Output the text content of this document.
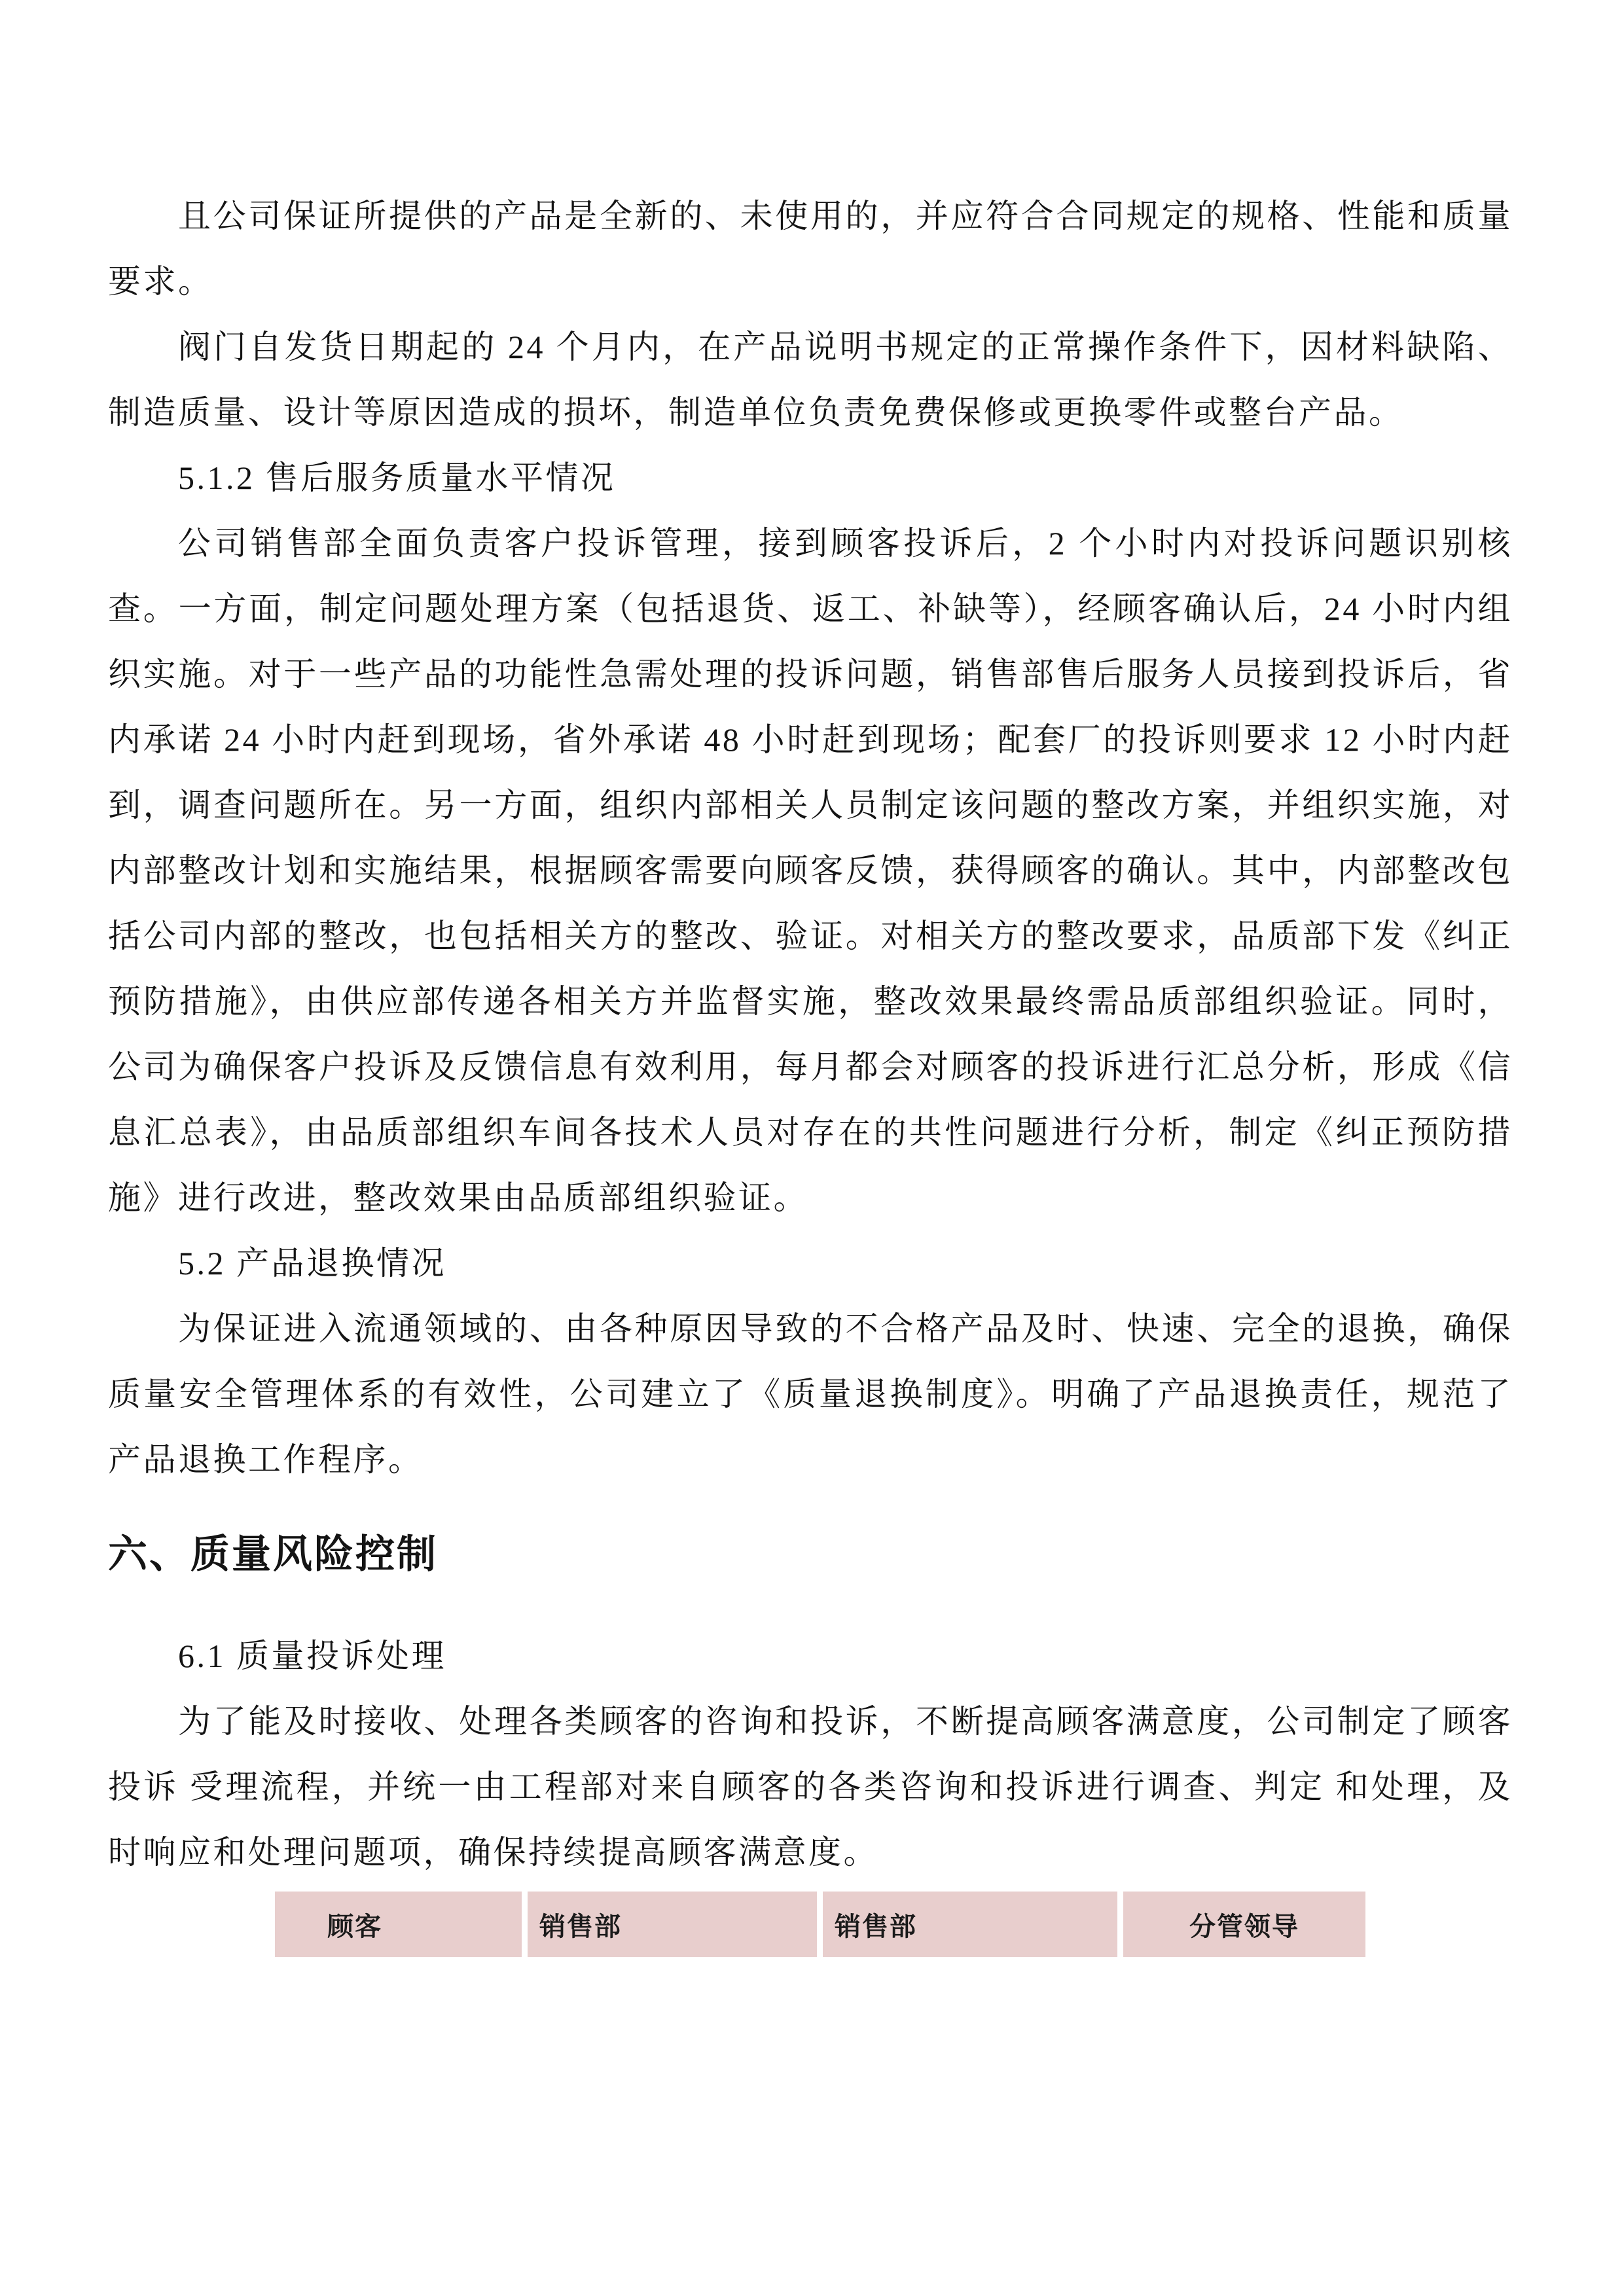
且公司保证所提供的产品是全新的、未使用的，并应符合合同规定的规格、性能和质量要求。

阀门自发货日期起的 24 个月内，在产品说明书规定的正常操作条件下，因材料缺陷、制造质量、设计等原因造成的损坏，制造单位负责免费保修或更换零件或整台产品。

5.1.2 售后服务质量水平情况

公司销售部全面负责客户投诉管理，接到顾客投诉后，2 个小时内对投诉问题识别核查。一方面，制定问题处理方案（包括退货、返工、补缺等），经顾客确认后，24 小时内组织实施。对于一些产品的功能性急需处理的投诉问题，销售部售后服务人员接到投诉后，省内承诺 24 小时内赶到现场，省外承诺 48 小时赶到现场；配套厂的投诉则要求 12 小时内赶到，调查问题所在。另一方面，组织内部相关人员制定该问题的整改方案，并组织实施，对内部整改计划和实施结果，根据顾客需要向顾客反馈，获得顾客的确认。其中，内部整改包括公司内部的整改，也包括相关方的整改、验证。对相关方的整改要求，品质部下发《纠正预防措施》，由供应部传递各相关方并监督实施，整改效果最终需品质部组织验证。同时，公司为确保客户投诉及反馈信息有效利用，每月都会对顾客的投诉进行汇总分析，形成《信息汇总表》，由品质部组织车间各技术人员对存在的共性问题进行分析，制定《纠正预防措施》进行改进，整改效果由品质部组织验证。

5.2 产品退换情况

为保证进入流通领域的、由各种原因导致的不合格产品及时、快速、完全的退换，确保质量安全管理体系的有效性，公司建立了《质量退换制度》。明确了产品退换责任，规范了产品退换工作程序。

六、质量风险控制

6.1 质量投诉处理

为了能及时接收、处理各类顾客的咨询和投诉，不断提高顾客满意度，公司制定了顾客投诉 受理流程，并统一由工程部对来自顾客的各类咨询和投诉进行调查、判定 和处理，及时响应和处理问题项，确保持续提高顾客满意度。

顾客	销售部	销售部	分管领导
